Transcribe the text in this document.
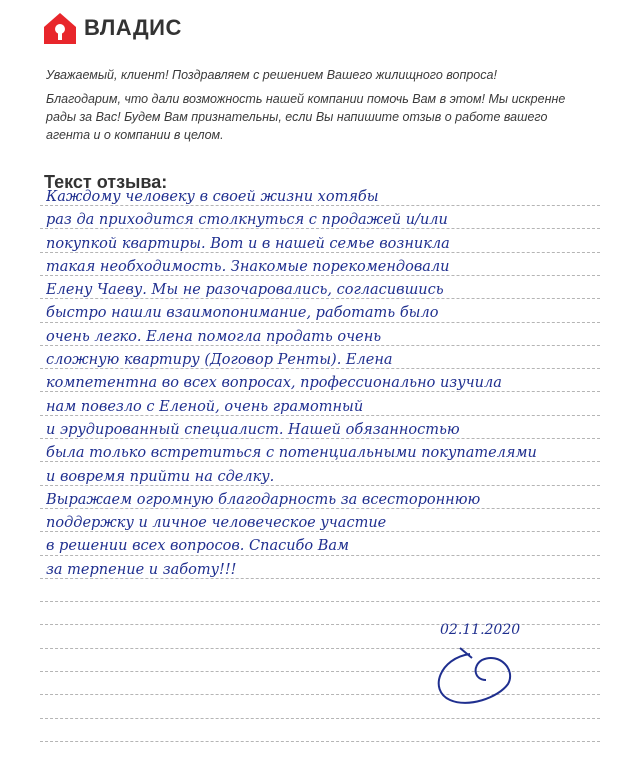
ВЛАДИС

Уважаемый, клиент! Поздравляем с решением Вашего жилищного вопроса!

Благодарим, что дали возможность нашей компании помочь Вам в этом! Мы искренне рады за Вас! Будем Вам признательны, если Вы напишите отзыв о работе вашего агента и о компании в целом.

Текст отзыва:
Каждому человеку в своей жизни хотябы
раз да приходится столкнуться с продажей и/или
покупкой квартиры. Вот и в нашей семье возникла
такая необходимость. Знакомые порекомендовали
Елену Чаеву. Мы не разочаровались, согласившись
быстро нашли взаимопонимание, работать было
очень легко. Елена помогла продать очень
сложную квартиру (Договор Ренты). Елена
компетентна во всех вопросах, профессионально изучила
нам повезло с Еленой, очень грамотный
и эрудированный специалист. Нашей обязанностью
была только встретиться с потенциальными покупателями
и вовремя прийти на сделку.
Выражаем огромную благодарность за всестороннюю
поддержку и личное человеческое участие
в решении всех вопросов. Спасибо Вам
за терпение и заботу!!!
02.11.2020
